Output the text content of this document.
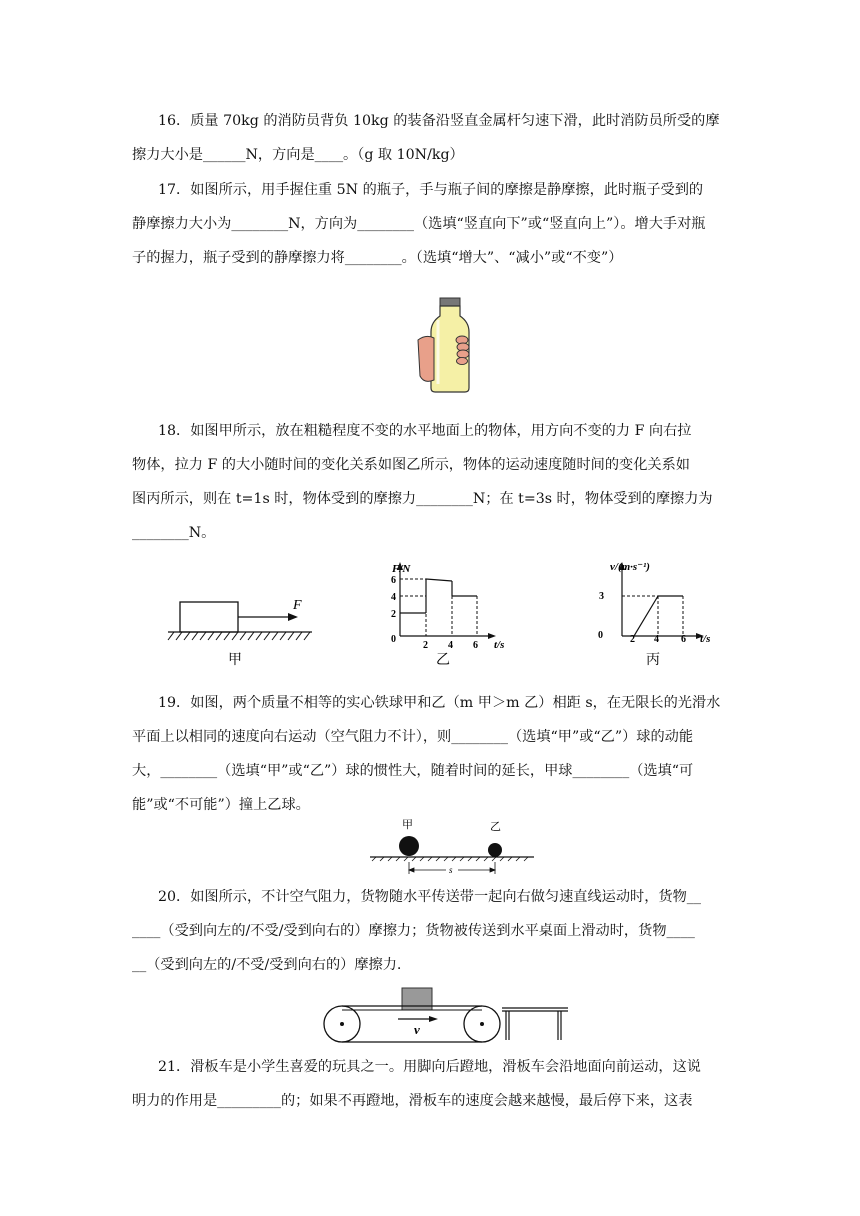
16．质量 70kg 的消防员背负 10kg 的装备沿竖直金属杆匀速下滑，此时消防员所受的摩
擦力大小是______N，方向是____。（g 取 10N/kg）
17．如图所示，用手握住重 5N 的瓶子，手与瓶子间的摩擦是静摩擦，此时瓶子受到的
静摩擦力大小为________N，方向为________（选填“竖直向下”或“竖直向上”）。增大手对瓶
子的握力，瓶子受到的静摩擦力将________。（选填“增大”、“减小”或“不变”）
18．如图甲所示，放在粗糙程度不变的水平地面上的物体，用方向不变的力 F 向右拉
物体，拉力 F 的大小随时间的变化关系如图乙所示，物体的运动速度随时间的变化关系如
图丙所示，则在 t=1s 时，物体受到的摩擦力________N；在 t=3s 时，物体受到的摩擦力为
________N。
F
甲
F/N
t/s
0
6
4
2
2 4 6
乙
v/(m·s⁻¹)
t/s
0
3
2 4 6
丙
19．如图，两个质量不相等的实心铁球甲和乙（m 甲＞m 乙）相距 s，在无限长的光滑水
平面上以相同的速度向右运动（空气阻力不计），则________（选填“甲”或“乙”）球的动能
大，________（选填“甲”或“乙”）球的惯性大，随着时间的延长，甲球________（选填“可
能”或“不可能”）撞上乙球。
甲	乙
s
20．如图所示，不计空气阻力，货物随水平传送带一起向右做匀速直线运动时，货物__
____（受到向左的/不受/受到向右的）摩擦力；货物被传送到水平桌面上滑动时，货物____
__（受到向左的/不受/受到向右的）摩擦力.
v
21．滑板车是小学生喜爱的玩具之一。用脚向后蹬地，滑板车会沿地面向前运动，这说
明力的作用是_________的；如果不再蹬地，滑板车的速度会越来越慢，最后停下来，这表
